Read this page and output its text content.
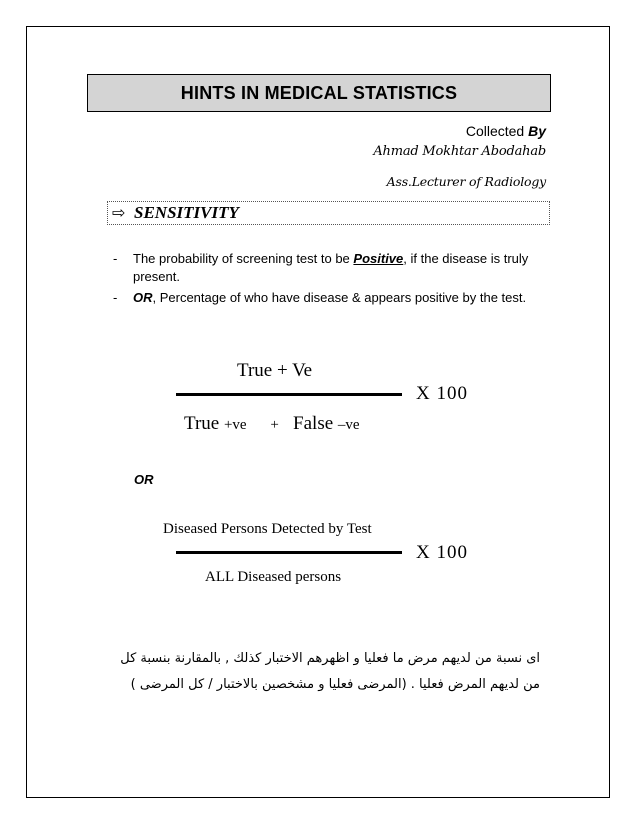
HINTS IN MEDICAL STATISTICS
Collected By
Ahmad Mokhtar Abodahab
Ass.Lecturer of Radiology
⇨ SENSITIVITY
- The probability of screening test to be Positive, if the disease is truly present.
- OR, Percentage of who have disease & appears positive by the test.
True + Ve
X 100
True +ve + False –ve
OR
Diseased Persons Detected by Test
X 100
ALL Diseased persons
اى نسبة من لديهم مرض ما فعليا و اظهرهم الاختبار كذلك , بالمقارنة بنسبة كل
من لديهم المرض فعليا . (المرضى فعليا و مشخصين بالاختبار / كل المرضى )
